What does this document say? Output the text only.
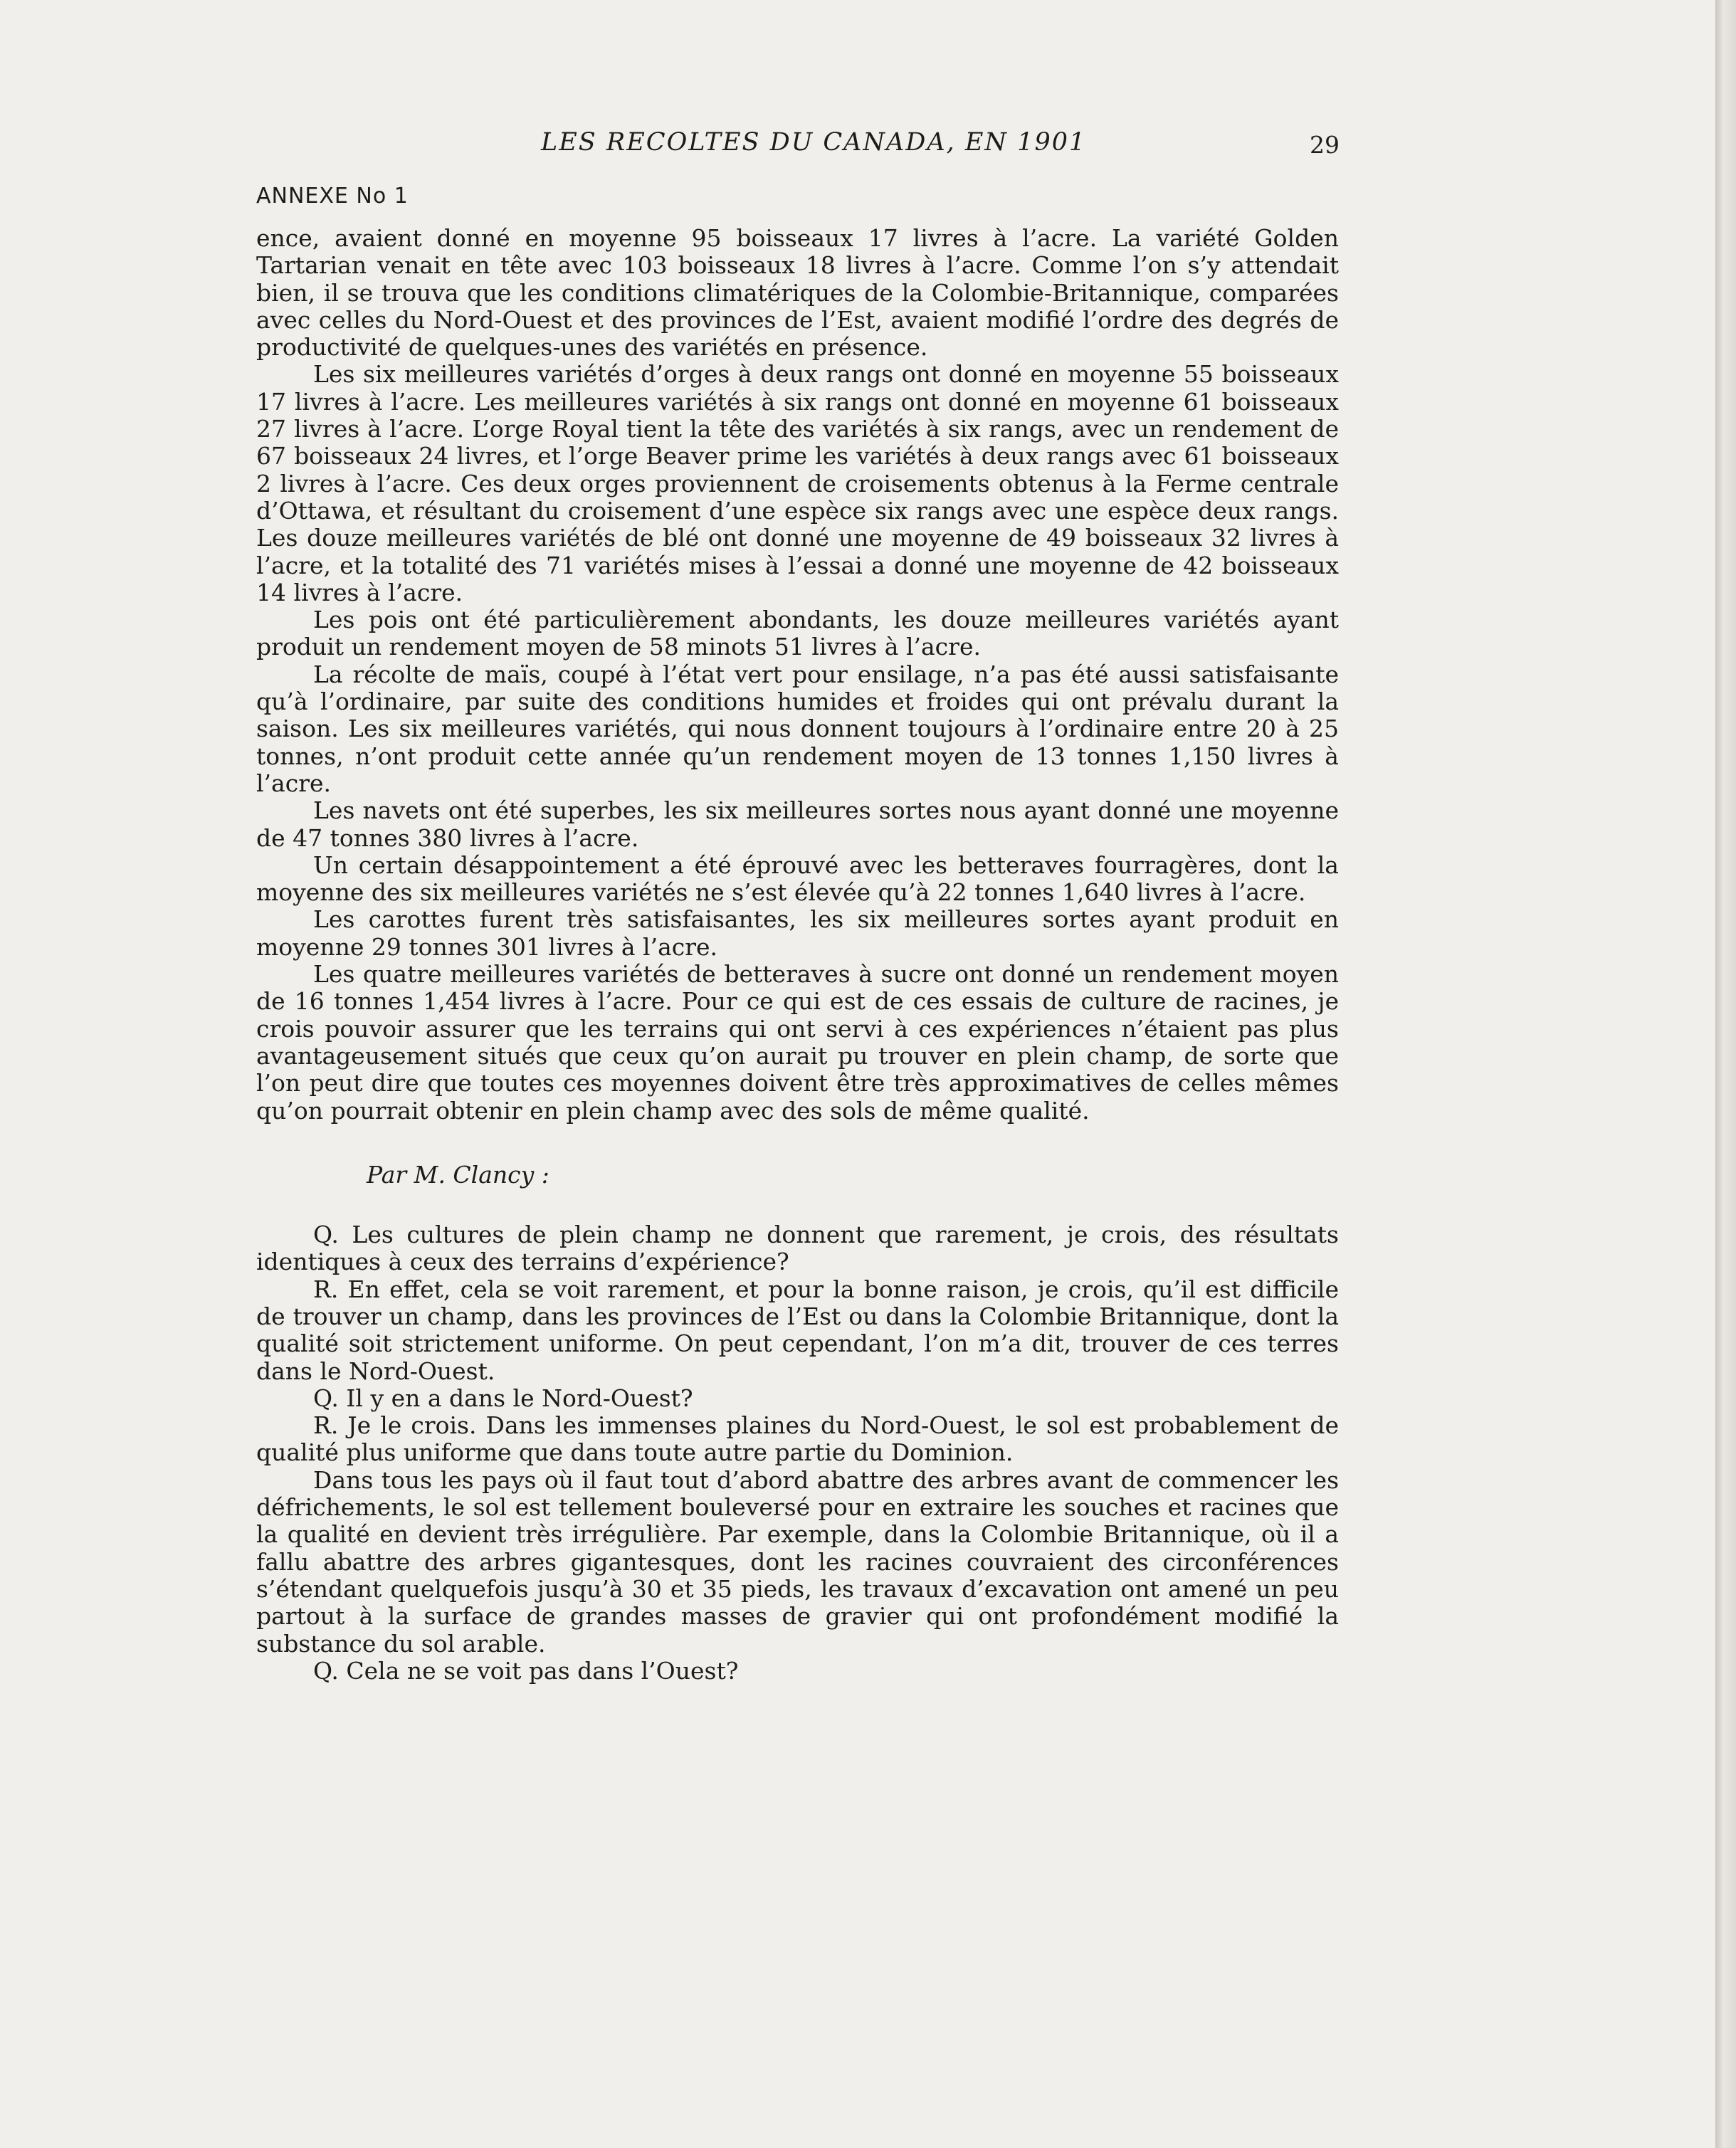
LES RECOLTES DU CANADA, EN 1901	29
ANNEXE No 1

ence, avaient donné en moyenne 95 boisseaux 17 livres à l’acre. La variété Golden Tartarian venait en tête avec 103 boisseaux 18 livres à l’acre. Comme l’on s’y attendait bien, il se trouva que les conditions climatériques de la Colombie-Britannique, comparées avec celles du Nord-Ouest et des provinces de l’Est, avaient modifié l’ordre des degrés de productivité de quelques-unes des variétés en présence.

Les six meilleures variétés d’orges à deux rangs ont donné en moyenne 55 boisseaux 17 livres à l’acre. Les meilleures variétés à six rangs ont donné en moyenne 61 boisseaux 27 livres à l’acre. L’orge Royal tient la tête des variétés à six rangs, avec un rendement de 67 boisseaux 24 livres, et l’orge Beaver prime les variétés à deux rangs avec 61 boisseaux 2 livres à l’acre. Ces deux orges proviennent de croisements obtenus à la Ferme centrale d’Ottawa, et résultant du croisement d’une espèce six rangs avec une espèce deux rangs. Les douze meilleures variétés de blé ont donné une moyenne de 49 boisseaux 32 livres à l’acre, et la totalité des 71 variétés mises à l’essai a donné une moyenne de 42 boisseaux 14 livres à l’acre.

Les pois ont été particulièrement abondants, les douze meilleures variétés ayant produit un rendement moyen de 58 minots 51 livres à l’acre.

La récolte de maïs, coupé à l’état vert pour ensilage, n’a pas été aussi satisfaisante qu’à l’ordinaire, par suite des conditions humides et froides qui ont prévalu durant la saison. Les six meilleures variétés, qui nous donnent toujours à l’ordinaire entre 20 à 25 tonnes, n’ont produit cette année qu’un rendement moyen de 13 tonnes 1,150 livres à l’acre.

Les navets ont été superbes, les six meilleures sortes nous ayant donné une moyenne de 47 tonnes 380 livres à l’acre.

Un certain désappointement a été éprouvé avec les betteraves fourragères, dont la moyenne des six meilleures variétés ne s’est élevée qu’à 22 tonnes 1,640 livres à l’acre.

Les carottes furent très satisfaisantes, les six meilleures sortes ayant produit en moyenne 29 tonnes 301 livres à l’acre.

Les quatre meilleures variétés de betteraves à sucre ont donné un rendement moyen de 16 tonnes 1,454 livres à l’acre. Pour ce qui est de ces essais de culture de racines, je crois pouvoir assurer que les terrains qui ont servi à ces expériences n’étaient pas plus avantageusement situés que ceux qu’on aurait pu trouver en plein champ, de sorte que l’on peut dire que toutes ces moyennes doivent être très approximatives de celles mêmes qu’on pourrait obtenir en plein champ avec des sols de même qualité.

Par M. Clancy :

Q. Les cultures de plein champ ne donnent que rarement, je crois, des résultats identiques à ceux des terrains d’expérience?

R. En effet, cela se voit rarement, et pour la bonne raison, je crois, qu’il est difficile de trouver un champ, dans les provinces de l’Est ou dans la Colombie Britannique, dont la qualité soit strictement uniforme. On peut cependant, l’on m’a dit, trouver de ces terres dans le Nord-Ouest.

Q. Il y en a dans le Nord-Ouest?

R. Je le crois. Dans les immenses plaines du Nord-Ouest, le sol est probablement de qualité plus uniforme que dans toute autre partie du Dominion.

Dans tous les pays où il faut tout d’abord abattre des arbres avant de commencer les défrichements, le sol est tellement bouleversé pour en extraire les souches et racines que la qualité en devient très irrégulière. Par exemple, dans la Colombie Britannique, où il a fallu abattre des arbres gigantesques, dont les racines couvraient des circonférences s’étendant quelquefois jusqu’à 30 et 35 pieds, les travaux d’excavation ont amené un peu partout à la surface de grandes masses de gravier qui ont profondément modifié la substance du sol arable.

Q. Cela ne se voit pas dans l’Ouest?
